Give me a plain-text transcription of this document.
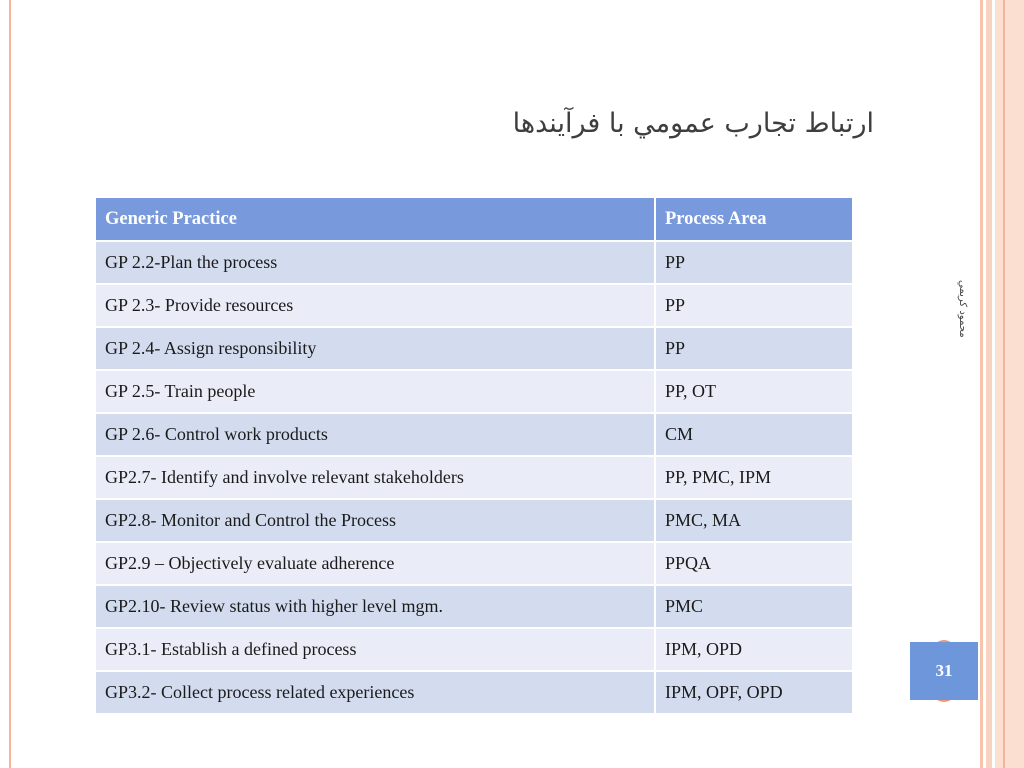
ارتباط تجارب عمومي با فرآيندها
محمود كريمي
Generic Practice	Process Area
GP 2.2-Plan the process	PP
GP 2.3- Provide resources	PP
GP 2.4- Assign responsibility	PP
GP 2.5- Train people	PP, OT
GP 2.6- Control work products	CM
GP2.7- Identify and involve relevant stakeholders	PP, PMC, IPM
GP2.8- Monitor and Control the Process	PMC, MA
GP2.9 – Objectively evaluate adherence	PPQA
GP2.10- Review status with higher level mgm.	PMC
GP3.1- Establish a defined process	IPM, OPD
GP3.2- Collect process related experiences	IPM, OPF, OPD
31
